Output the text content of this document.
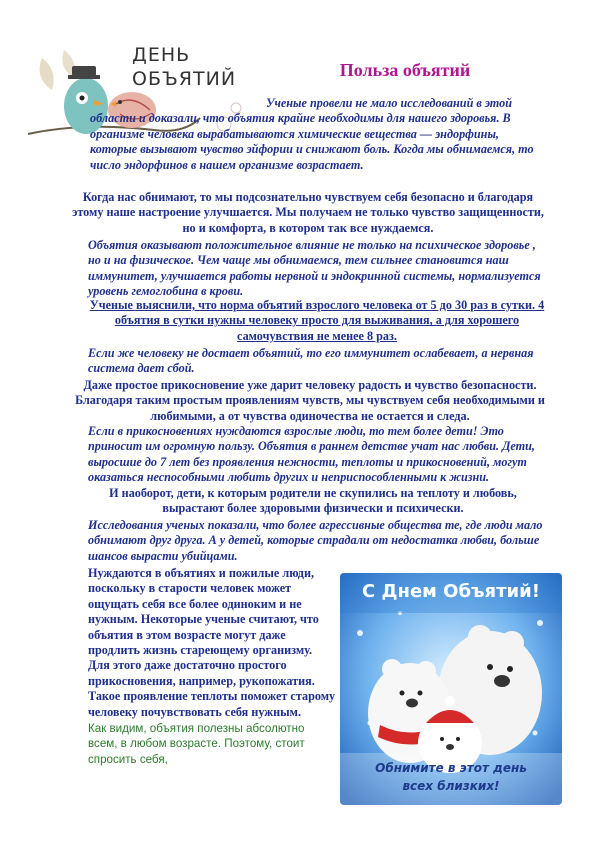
ДЕНЬ
ОБЪЯТИЙ	Польза объятий

Ученые провели не мало исследований в этой области и доказали, что объятия крайне необходимы для нашего здоровья. В организме человека вырабатываются химические вещества — эндорфины, которые вызывают чувство эйфории и снижают боль. Когда мы обнимаемся, то число эндорфинов в нашем организме возрастает.

Когда нас обнимают, то мы подсознательно чувствуем себя безопасно и благодаря этому наше настроение улучшается. Мы получаем не только чувство защищенности, но и комфорта, в котором так все нуждаемся.

Объятия оказывают положительное влияние не только на психическое здоровье , но и на физическое. Чем чаще мы обнимаемся, тем сильнее становится наш иммунитет, улучшается работы нервной и эндокринной системы, нормализуется уровень гемоглобина в крови.

Ученые выяснили, что норма объятий взрослого человека от 5 до 30 раз в сутки. 4 объятия в сутки нужны человеку просто для выживания, а для хорошего самочувствия не менее 8 раз.

Если же человеку не достает объятий, то его иммунитет ослабевает, а нервная система дает сбой.

Даже простое прикосновение уже дарит человеку радость и чувство безопасности. Благодаря таким простым проявлениям чувств, мы чувствуем себя необходимыми и любимыми, а от чувства одиночества не остается и следа.

Если в прикосновениях нуждаются взрослые люди, то тем более дети! Это приносит им огромную пользу. Объятия в раннем детстве учат нас любви. Дети, выросшие до 7 лет без проявления нежности, теплоты и прикосновений, могут оказаться неспособными любить других и неприспособленными к жизни.

И наоборот, дети, к которым родители не скупились на теплоту и любовь, вырастают более здоровыми физически и психически.

Исследования ученых показали, что более агрессивные общества те, где люди мало обнимают друг друга. А у детей, которые страдали от недостатка любви, больше шансов вырасти убийцами.

Нуждаются в объятиях и пожилые люди, поскольку в старости человек может ощущать себя все более одиноким и не нужным. Некоторые ученые считают, что объятия в этом возрасте могут даже продлить жизнь стареющему организму. Для этого даже достаточно простого прикосновения, например, рукопожатия. Такое проявление теплоты поможет старому человеку почувствовать себя нужным.

Как видим, объятия полезны абсолютно всем, в любом возрасте. Поэтому, стоит спросить себя,

С Днем Объятий!
Обнимите в этот день
всех близких!
